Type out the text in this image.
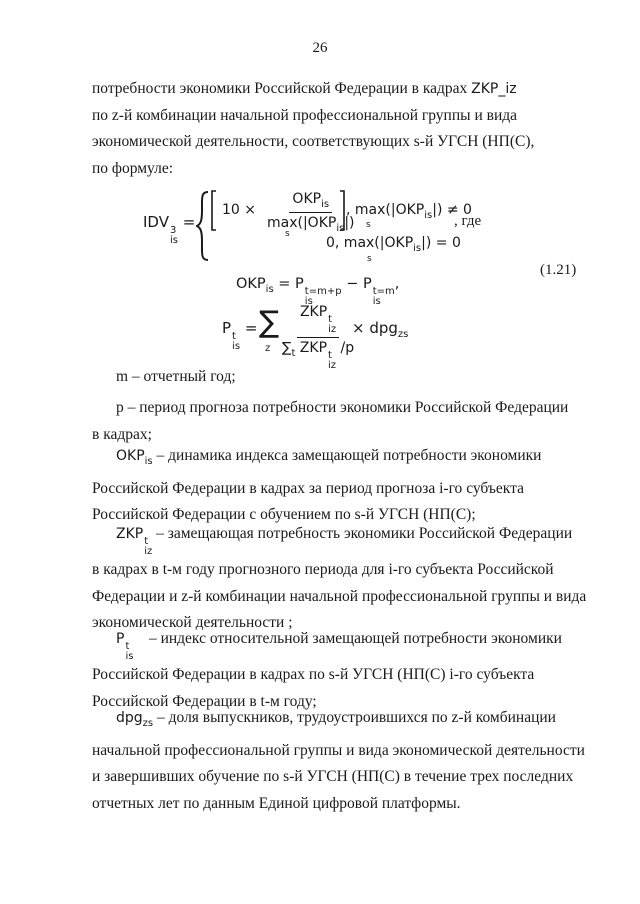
26
потребности экономики Российской Федерации в кадрах ZKP_iz
по z-й комбинации начальной профессиональной группы и вида
экономической деятельности, соответствующих s-й УГСН (НП(С),
по формуле:
IDV 3
is
=
$10 \times \frac{OKP_{is}}{\max(|OKP_{is}|)}$
s
, $\max(|OKP_{is}|) \ne 0$
s	, где
0, $\max(|OKP_{is}|) = 0$
s
$OKP_{is} = P$ t=m+p
is
− P t=m
is
,
(1.21)
P t
is
= ∑
z ZKP t
iz
$\sum_t$ ZKP t
iz
/p
× dpg$_{zs}$
m – отчетный год;
p – период прогноза потребности экономики Российской Федерации
в кадрах;
$OKP_{is}$ – динамика индекса замещающей потребности экономики
Российской Федерации в кадрах за период прогноза i-го субъекта
Российской Федерации с обучением по s-й УГСН (НП(С);
ZKP t
iz
– замещающая потребность экономики Российской Федерации
в кадрах в t-м году прогнозного периода для i-го субъекта Российской
Федерации и z-й комбинации начальной профессиональной группы и вида
экономической деятельности ;
P t
is
– индекс относительной замещающей потребности экономики
Российской Федерации в кадрах по s-й УГСН (НП(С) i-го субъекта
Российской Федерации в t-м году;
dpg$_{zs}$ – доля выпускников, трудоустроившихся по z-й комбинации
начальной профессиональной группы и вида экономической деятельности
и завершивших обучение по s-й УГСН (НП(С) в течение трех последних
отчетных лет по данным Единой цифровой платформы.
